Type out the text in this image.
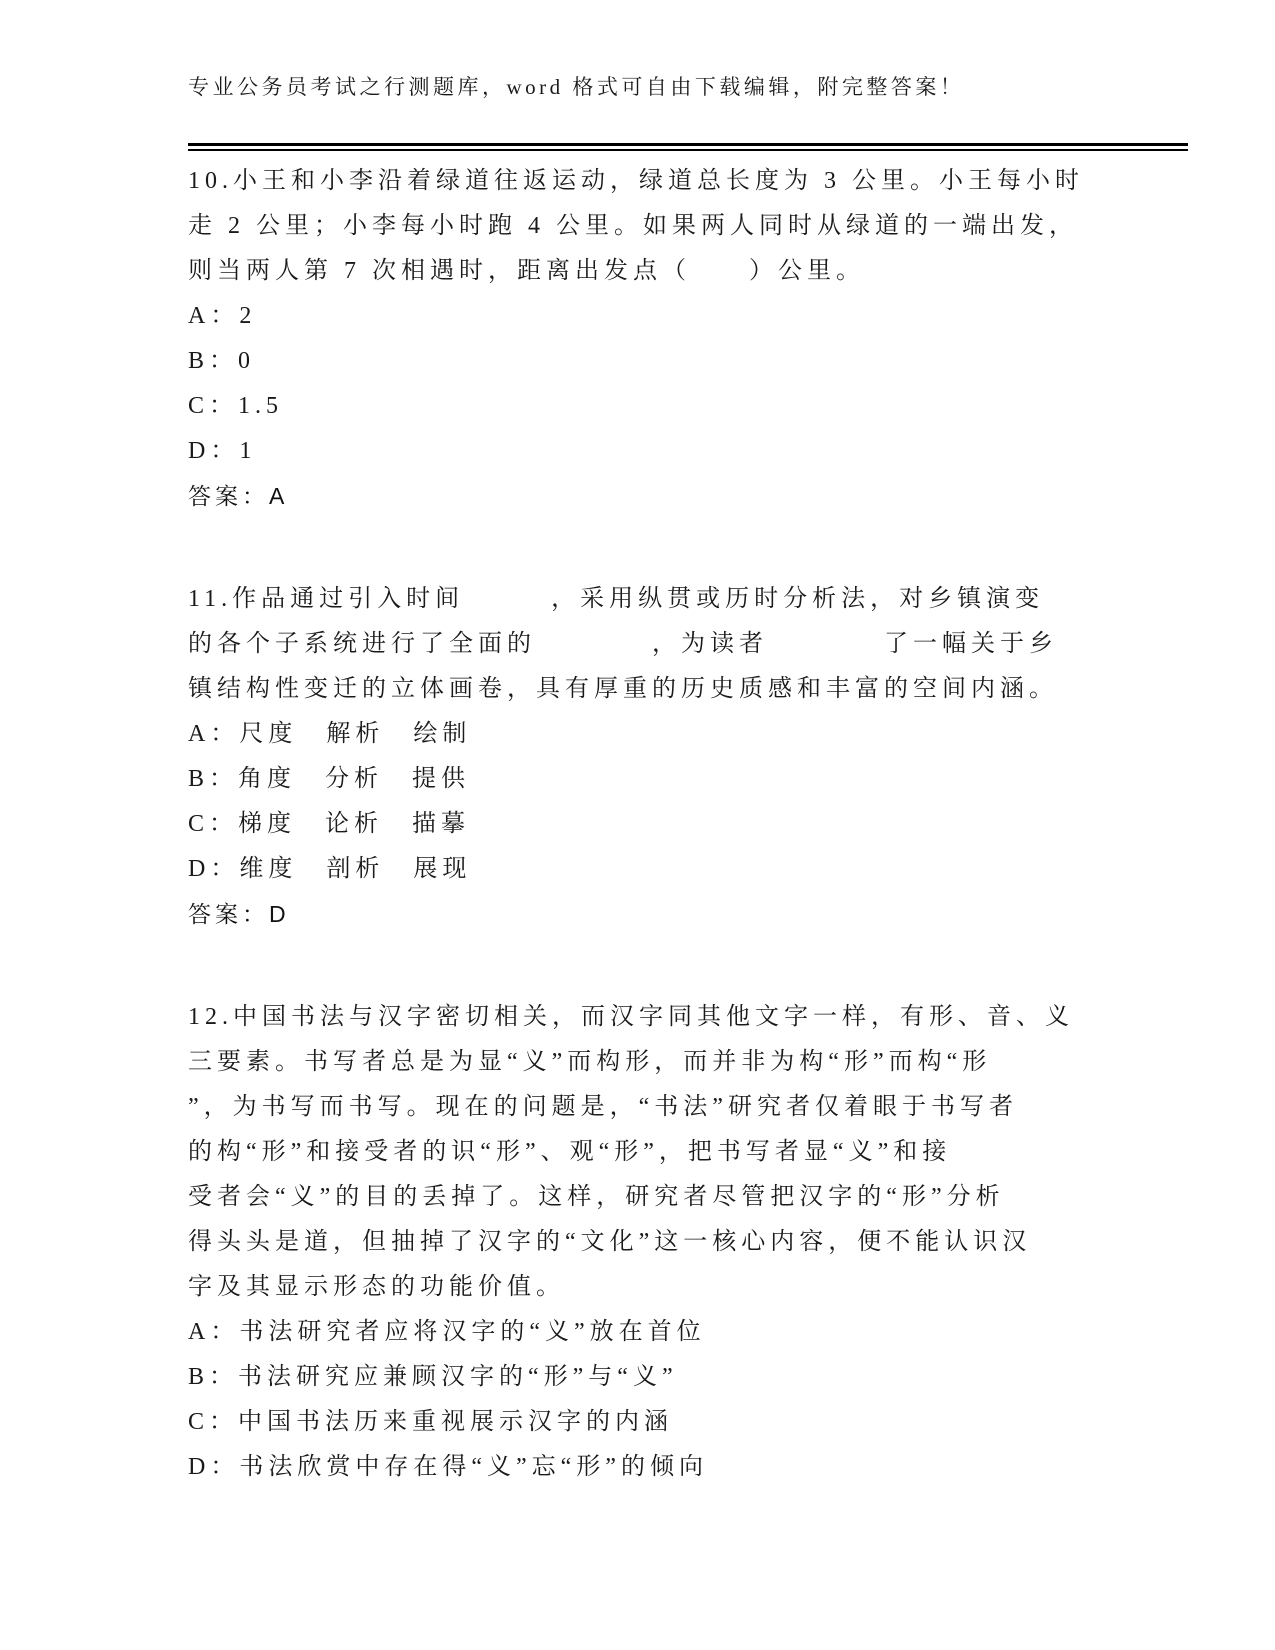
专业公务员考试之行测题库，word 格式可自由下载编辑，附完整答案！
10.小王和小李沿着绿道往返运动，绿道总长度为 3 公里。小王每小时
走 2 公里；小李每小时跑 4 公里。如果两人同时从绿道的一端出发，
则当两人第 7 次相遇时，距离出发点（　　）公里。
A：2
B：0
C：1.5
D：1
答案：A
11.作品通过引入时间　　　，采用纵贯或历时分析法，对乡镇演变
的各个子系统进行了全面的　　　　，为读者　　　　了一幅关于乡
镇结构性变迁的立体画卷，具有厚重的历史质感和丰富的空间内涵。
A：尺度　解析　绘制
B：角度　分析　提供
C：梯度　论析　描摹
D：维度　剖析　展现
答案：D
12.中国书法与汉字密切相关，而汉字同其他文字一样，有形、音、义
三要素。书写者总是为显“义”而构形，而并非为构“形”而构“形
”，为书写而书写。现在的问题是，“书法”研究者仅着眼于书写者
的构“形”和接受者的识“形”、观“形”，把书写者显“义”和接
受者会“义”的目的丢掉了。这样，研究者尽管把汉字的“形”分析
得头头是道，但抽掉了汉字的“文化”这一核心内容，便不能认识汉
字及其显示形态的功能价值。
A：书法研究者应将汉字的“义”放在首位
B：书法研究应兼顾汉字的“形”与“义”
C：中国书法历来重视展示汉字的内涵
D：书法欣赏中存在得“义”忘“形”的倾向
